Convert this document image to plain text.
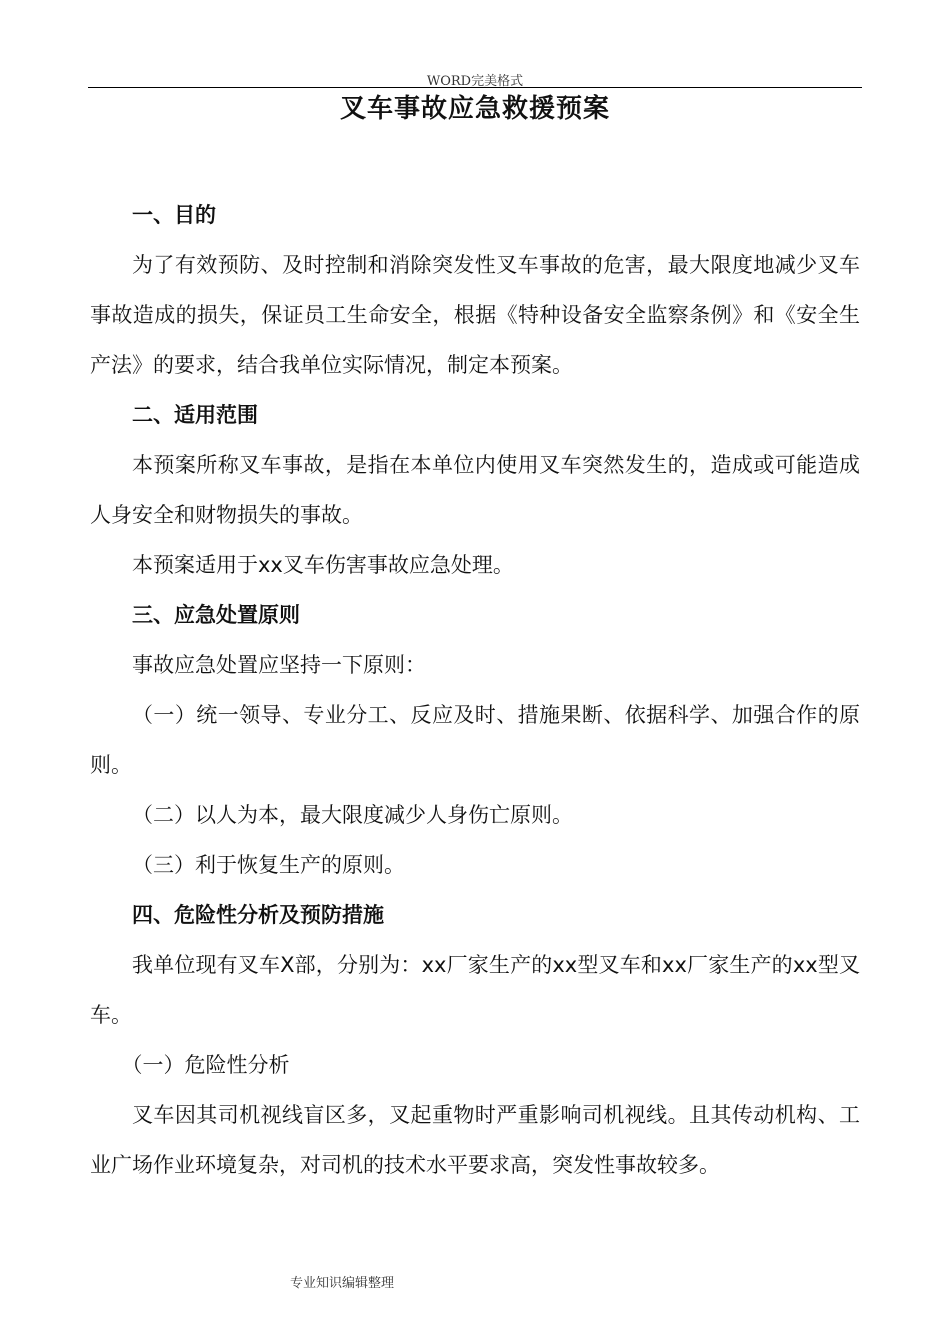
WORD完美格式
叉车事故应急救援预案

一、目的

为了有效预防、及时控制和消除突发性叉车事故的危害，最大限度地减少叉车事故造成的损失，保证员工生命安全，根据《特种设备安全监察条例》和《安全生产法》的要求，结合我单位实际情况，制定本预案。

二、适用范围

本预案所称叉车事故，是指在本单位内使用叉车突然发生的，造成或可能造成人身安全和财物损失的事故。

本预案适用于xx叉车伤害事故应急处理。

三、应急处置原则

事故应急处置应坚持一下原则：

（一）统一领导、专业分工、反应及时、措施果断、依据科学、加强合作的原则。

（二）以人为本，最大限度减少人身伤亡原则。

（三）利于恢复生产的原则。

四、危险性分析及预防措施

我单位现有叉车X部，分别为：xx厂家生产的xx型叉车和xx厂家生产的xx型叉车。

（一）危险性分析

叉车因其司机视线盲区多，叉起重物时严重影响司机视线。且其传动机构、工业广场作业环境复杂，对司机的技术水平要求高，突发性事故较多。

专业知识编辑整理
